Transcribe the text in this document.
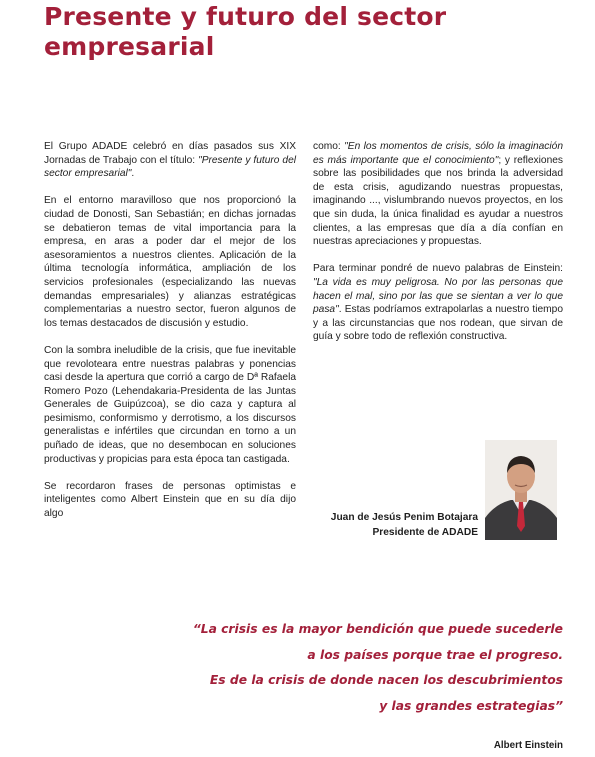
Presente y futuro del sector empresarial

El Grupo ADADE celebró en días pasados sus XIX Jornadas de Trabajo con el título: "Presente y futuro del sector empresarial".

En el entorno maravilloso que nos proporcionó la ciudad de Donosti, San Sebastián; en dichas jornadas se debatieron temas de vital importancia para la empresa, en aras a poder dar el mejor de los asesoramientos a nuestros clientes. Aplicación de la última tecnología informática, ampliación de los servicios profesionales (especializando las nuevas demandas empresariales) y alianzas estratégicas complementarias a nuestro sector, fueron algunos de los temas destacados de discusión y estudio.

Con la sombra ineludible de la crisis, que fue inevitable que revoloteara entre nuestras palabras y ponencias casi desde la apertura que corrió a cargo de Dª Rafaela Romero Pozo (Lehendakaria-Presidenta de las Juntas Generales de Guipúzcoa), se dio caza y captura al pesimismo, conformismo y derrotismo, a los discursos generalistas e infértiles que circundan en torno a un puñado de ideas, que no desembocan en soluciones productivas y propicias para esta época tan castigada.

Se recordaron frases de personas optimistas e inteligentes como Albert Einstein que en su día dijo algo

como: "En los momentos de crisis, sólo la imaginación es más importante que el conocimiento"; y reflexiones sobre las posibilidades que nos brinda la adversidad de esta crisis, agudizando nuestras propuestas, imaginando ..., vislumbrando nuevos proyectos, en los que sin duda, la única finalidad es ayudar a nuestros clientes, a las empresas que día a día confían en nuestras apreciaciones y propuestas.

Para terminar pondré de nuevo palabras de Einstein: "La vida es muy peligrosa. No por las personas que hacen el mal, sino por las que se sientan a ver lo que pasa". Estas podríamos extrapolarlas a nuestro tiempo y a las circunstancias que nos rodean, que sirvan de guía y sobre todo de reflexión constructiva.

Juan de Jesús Penim Botajara
Presidente de ADADE
“La crisis es la mayor bendición que puede sucederle
a los países porque trae el progreso.
Es de la crisis de donde nacen los descubrimientos
y las grandes estrategias”
Albert Einstein
